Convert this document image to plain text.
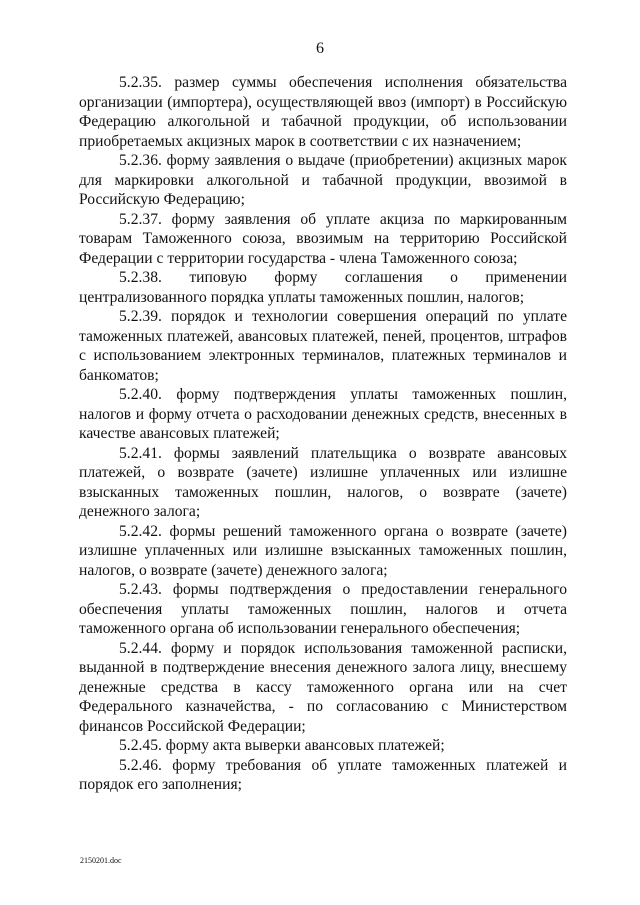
6

5.2.35. размер суммы обеспечения исполнения обязательства организации (импортера), осуществляющей ввоз (импорт) в Российскую Федерацию алкогольной и табачной продукции, об использовании приобретаемых акцизных марок в соответствии с их назначением;

5.2.36. форму заявления о выдаче (приобретении) акцизных марок для маркировки алкогольной и табачной продукции, ввозимой в Российскую Федерацию;

5.2.37. форму заявления об уплате акциза по маркированным товарам Таможенного союза, ввозимым на территорию Российской Федерации с территории государства - члена Таможенного союза;

5.2.38. типовую форму соглашения о применении централизованного порядка уплаты таможенных пошлин, налогов;

5.2.39. порядок и технологии совершения операций по уплате таможенных платежей, авансовых платежей, пеней, процентов, штрафов с использованием электронных терминалов, платежных терминалов и банкоматов;

5.2.40. форму подтверждения уплаты таможенных пошлин, налогов и форму отчета о расходовании денежных средств, внесенных в качестве авансовых платежей;

5.2.41. формы заявлений плательщика о возврате авансовых платежей, о возврате (зачете) излишне уплаченных или излишне взысканных таможенных пошлин, налогов, о возврате (зачете) денежного залога;

5.2.42. формы решений таможенного органа о возврате (зачете) излишне уплаченных или излишне взысканных таможенных пошлин, налогов, о возврате (зачете) денежного залога;

5.2.43. формы подтверждения о предоставлении генерального обеспечения уплаты таможенных пошлин, налогов и отчета таможенного органа об использовании генерального обеспечения;

5.2.44. форму и порядок использования таможенной расписки, выданной в подтверждение внесения денежного залога лицу, внесшему денежные средства в кассу таможенного органа или на счет Федерального казначейства, - по согласованию с Министерством финансов Российской Федерации;

5.2.45. форму акта выверки авансовых платежей;

5.2.46. форму требования об уплате таможенных платежей и порядок его заполнения;

2150201.doc
